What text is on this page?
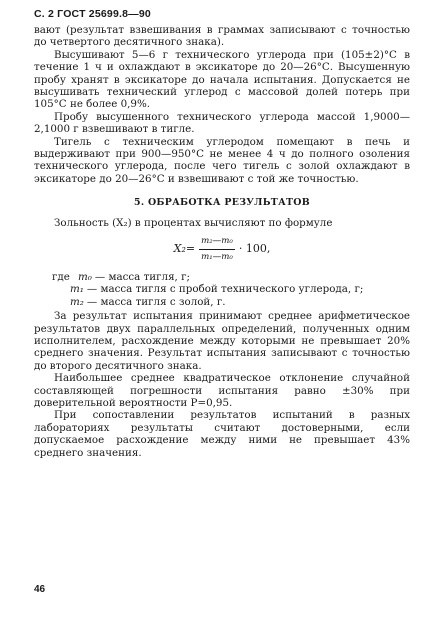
С. 2 ГОСТ 25699.8—90

вают (результат взвешивания в граммах записывают с точностью до четвертого десятичного знака).

Высушивают 5—6 г технического углерода при (105±2)°С в течение 1 ч и охлаждают в эксикаторе до 20—26°С. Высушенную пробу хранят в эксикаторе до начала испытания. Допускается не высушивать технический углерод с массовой долей потерь при 105°С не более 0,9%.

Пробу высушенного технического углерода массой 1,9000—2,1000 г взвешивают в тигле.

Тигель с техническим углеродом помещают в печь и выдерживают при 900—950°С не менее 4 ч до полного озоления технического углерода, после чего тигель с золой охлаждают в эксикаторе до 20—26°С и взвешивают с той же точностью.

5. ОБРАБОТКА РЕЗУЛЬТАТОВ

Зольность (X₂) в процентах вычисляют по формуле

$X_2= \frac{\text{m₂—m₀}}{\text{m₁—m₀}} \cdot 100$,
где m₀ — масса тигля, г;
m₁ — масса тигля с пробой технического углерода, г;
m₂ — масса тигля с золой, г.

За результат испытания принимают среднее арифметическое результатов двух параллельных определений, полученных одним исполнителем, расхождение между которыми не превышает 20% среднего значения. Результат испытания записывают с точностью до второго десятичного знака.

Наибольшее среднее квадратическое отклонение случайной составляющей погрешности испытания равно ±30% при доверительной вероятности P=0,95.

При сопоставлении результатов испытаний в разных лабораториях результаты считают достоверными, если допускаемое расхождение между ними не превышает 43% среднего значения.

46
